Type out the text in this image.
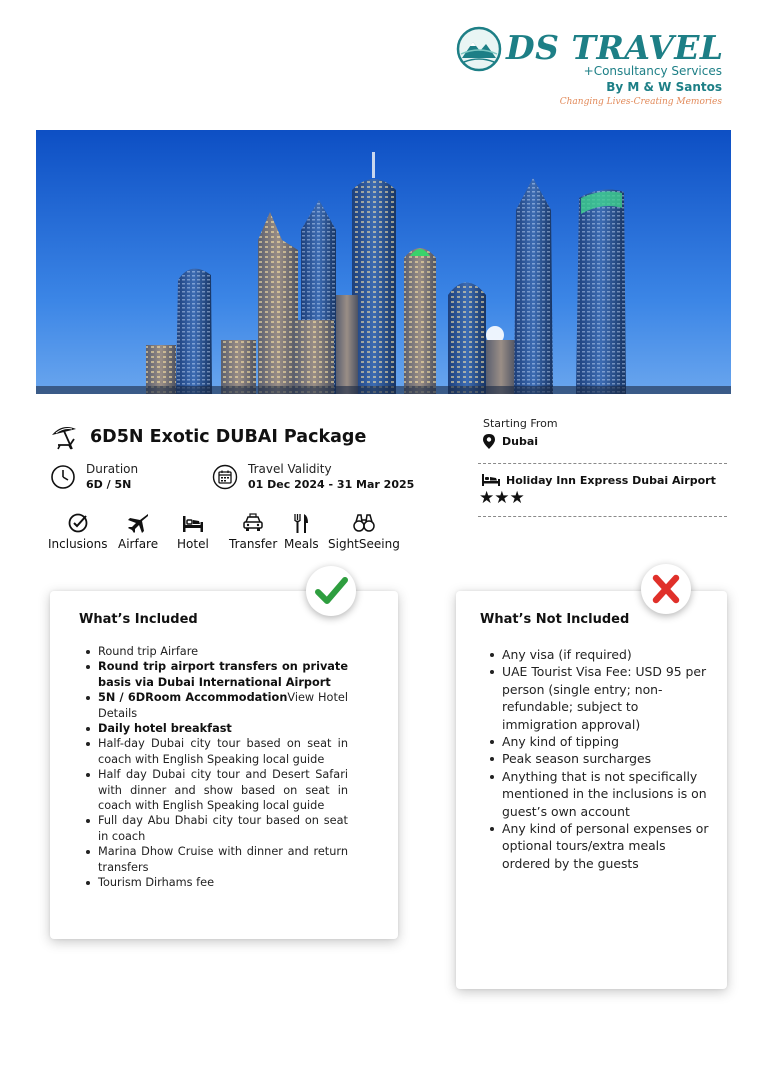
DS TRAVEL
+Consultancy Services
By M & W Santos
Changing Lives-Creating Memories
6D5N Exotic DUBAI Package
Duration
6D / 5N
Travel Validity
01 Dec 2024 - 31 Mar 2025
Inclusions Airfare Hotel Transfer Meals SightSeeing
Starting From
Dubai
Holiday Inn Express Dubai Airport
★★★
What’s Included
Round trip Airfare
Round trip airport transfers on private basis via Dubai International Airport
5N / 6DRoom AccommodationView Hotel Details
Daily hotel breakfast
Half-day Dubai city tour based on seat in coach with English Speaking local guide
Half day Dubai city tour and Desert Safari with dinner and show based on seat in coach with English Speaking local guide
Full day Abu Dhabi city tour based on seat in coach
Marina Dhow Cruise with dinner and return transfers
Tourism Dirhams fee
What’s Not Included
Any visa (if required)
UAE Tourist Visa Fee: USD 95 per person (single entry; non-refundable; subject to immigration approval)
Any kind of tipping
Peak season surcharges
Anything that is not specifically mentioned in the inclusions is on guest’s own account
Any kind of personal expenses or optional tours/extra meals ordered by the guests
